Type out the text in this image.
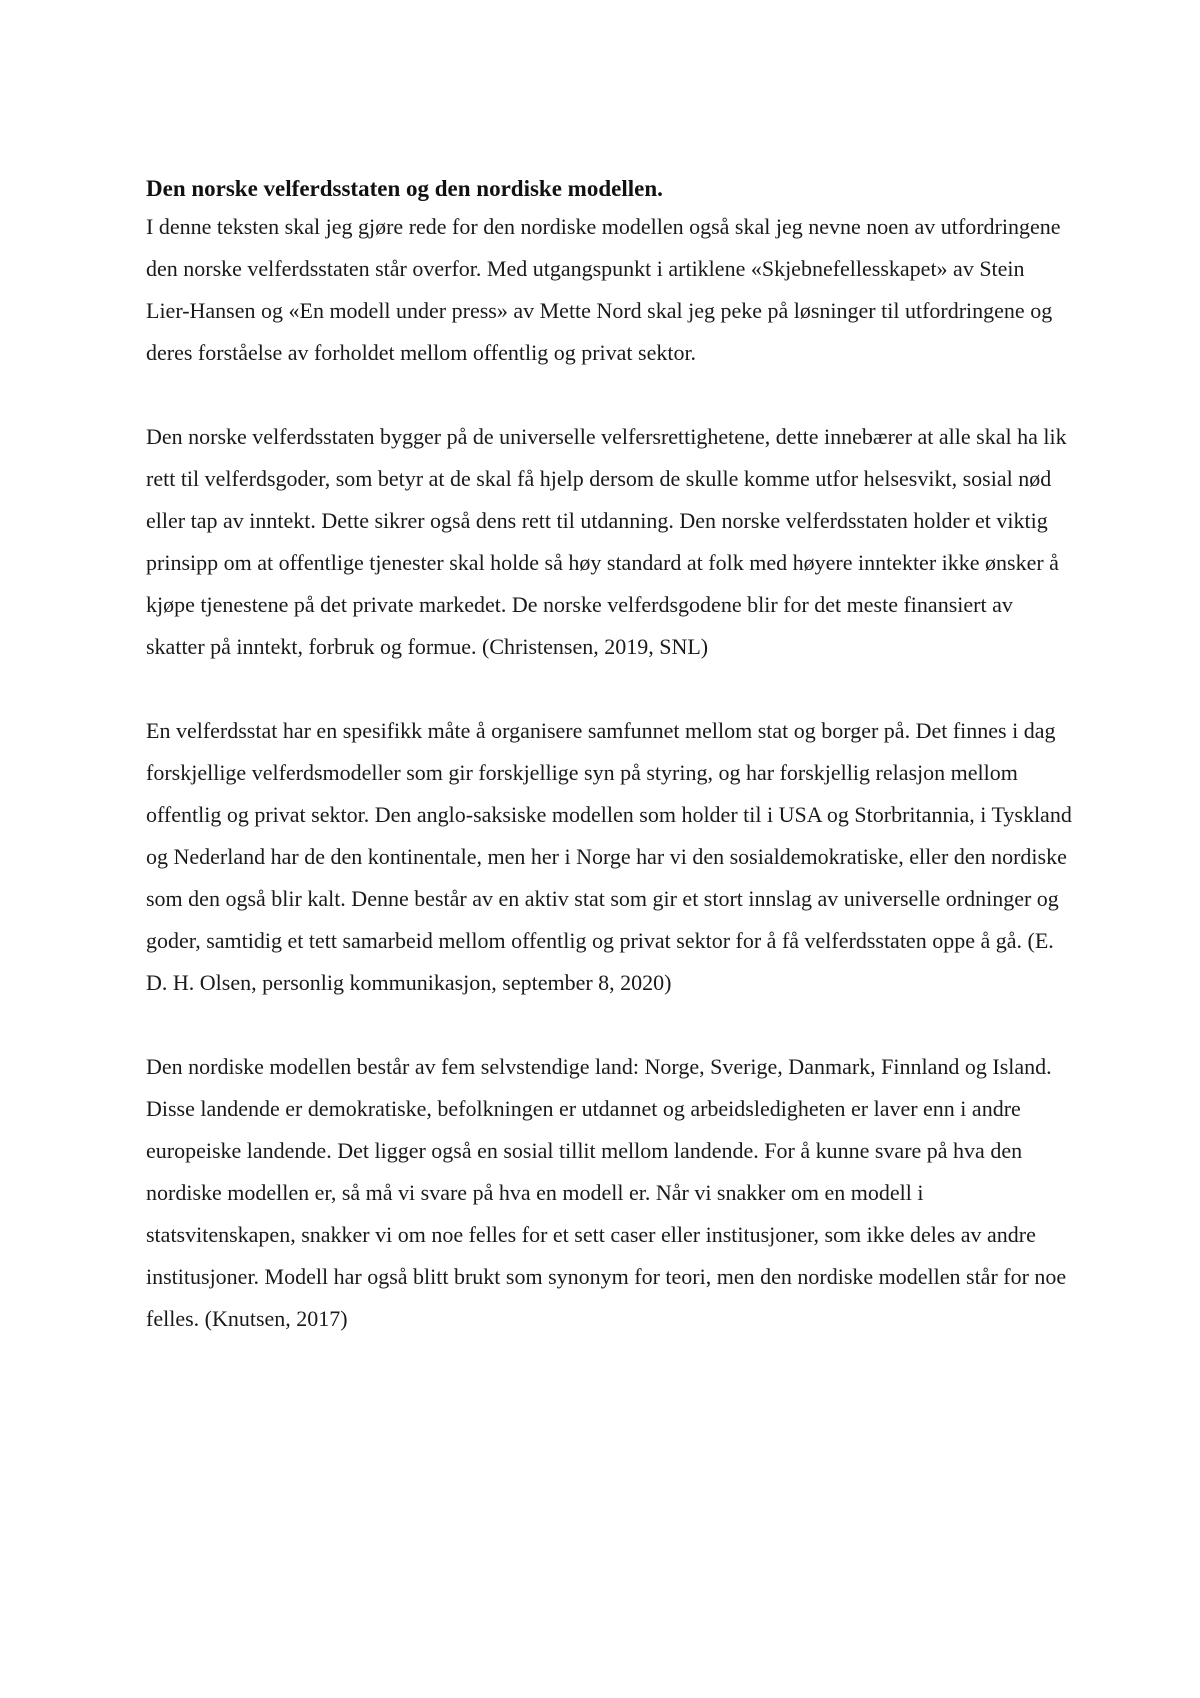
Den norske velferdsstaten og den nordiske modellen.

I denne teksten skal jeg gjøre rede for den nordiske modellen også skal jeg nevne noen av utfordringene den norske velferdsstaten står overfor. Med utgangspunkt i artiklene «Skjebnefellesskapet» av Stein Lier-Hansen og «En modell under press» av Mette Nord skal jeg peke på løsninger til utfordringene og deres forståelse av forholdet mellom offentlig og privat sektor.

Den norske velferdsstaten bygger på de universelle velfersrettighetene, dette innebærer at alle skal ha lik rett til velferdsgoder, som betyr at de skal få hjelp dersom de skulle komme utfor helsesvikt, sosial nød eller tap av inntekt. Dette sikrer også dens rett til utdanning. Den norske velferdsstaten holder et viktig prinsipp om at offentlige tjenester skal holde så høy standard at folk med høyere inntekter ikke ønsker å kjøpe tjenestene på det private markedet. De norske velferdsgodene blir for det meste finansiert av skatter på inntekt, forbruk og formue. (Christensen, 2019, SNL)

En velferdsstat har en spesifikk måte å organisere samfunnet mellom stat og borger på. Det finnes i dag forskjellige velferdsmodeller som gir forskjellige syn på styring, og har forskjellig relasjon mellom offentlig og privat sektor. Den anglo-saksiske modellen som holder til i USA og Storbritannia, i Tyskland og Nederland har de den kontinentale, men her i Norge har vi den sosialdemokratiske, eller den nordiske som den også blir kalt. Denne består av en aktiv stat som gir et stort innslag av universelle ordninger og goder, samtidig et tett samarbeid mellom offentlig og privat sektor for å få velferdsstaten oppe å gå. (E. D. H. Olsen, personlig kommunikasjon, september 8, 2020)

Den nordiske modellen består av fem selvstendige land: Norge, Sverige, Danmark, Finnland og Island. Disse landende er demokratiske, befolkningen er utdannet og arbeidsledigheten er laver enn i andre europeiske landende. Det ligger også en sosial tillit mellom landende. For å kunne svare på hva den nordiske modellen er, så må vi svare på hva en modell er. Når vi snakker om en modell i statsvitenskapen, snakker vi om noe felles for et sett caser eller institusjoner, som ikke deles av andre institusjoner. Modell har også blitt brukt som synonym for teori, men den nordiske modellen står for noe felles. (Knutsen, 2017)
